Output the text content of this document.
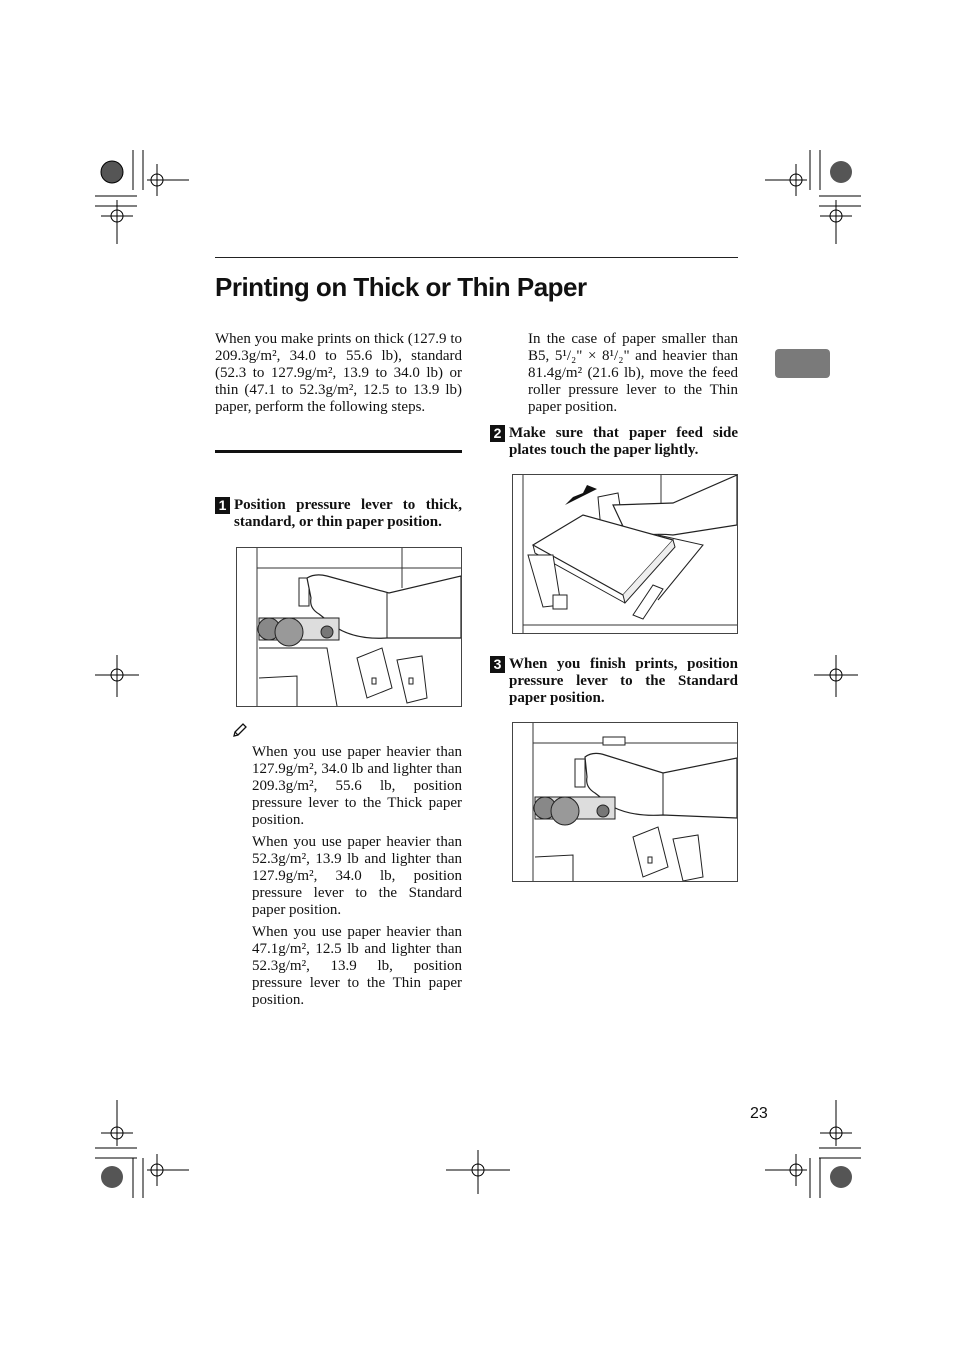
Printing on Thick or Thin Paper

When you make prints on thick (127.9 to 209.3g/m², 34.0 to 55.6 lb), standard (52.3 to 127.9g/m², 13.9 to 34.0 lb) or thin (47.1 to 52.3g/m², 12.5 to 13.9 lb) paper, perform the following steps.

1 Position pressure lever to thick, standard, or thin paper position.

When you use paper heavier than 127.9g/m², 34.0 lb and lighter than 209.3g/m², 55.6 lb, position pressure lever to the Thick paper position.

When you use paper heavier than 52.3g/m², 13.9 lb and lighter than 127.9g/m², 34.0 lb, position pressure lever to the Standard paper position.

When you use paper heavier than 47.1g/m², 12.5 lb and lighter than 52.3g/m², 13.9 lb, position pressure lever to the Thin paper position.

In the case of paper smaller than B5, 5¹/₂" × 8¹/₂" and heavier than 81.4g/m² (21.6 lb), move the feed roller pressure lever to the Thin paper position.

2 Make sure that paper feed side plates touch the paper lightly.
3 When you finish prints, position pressure lever to the Standard paper position.
23
